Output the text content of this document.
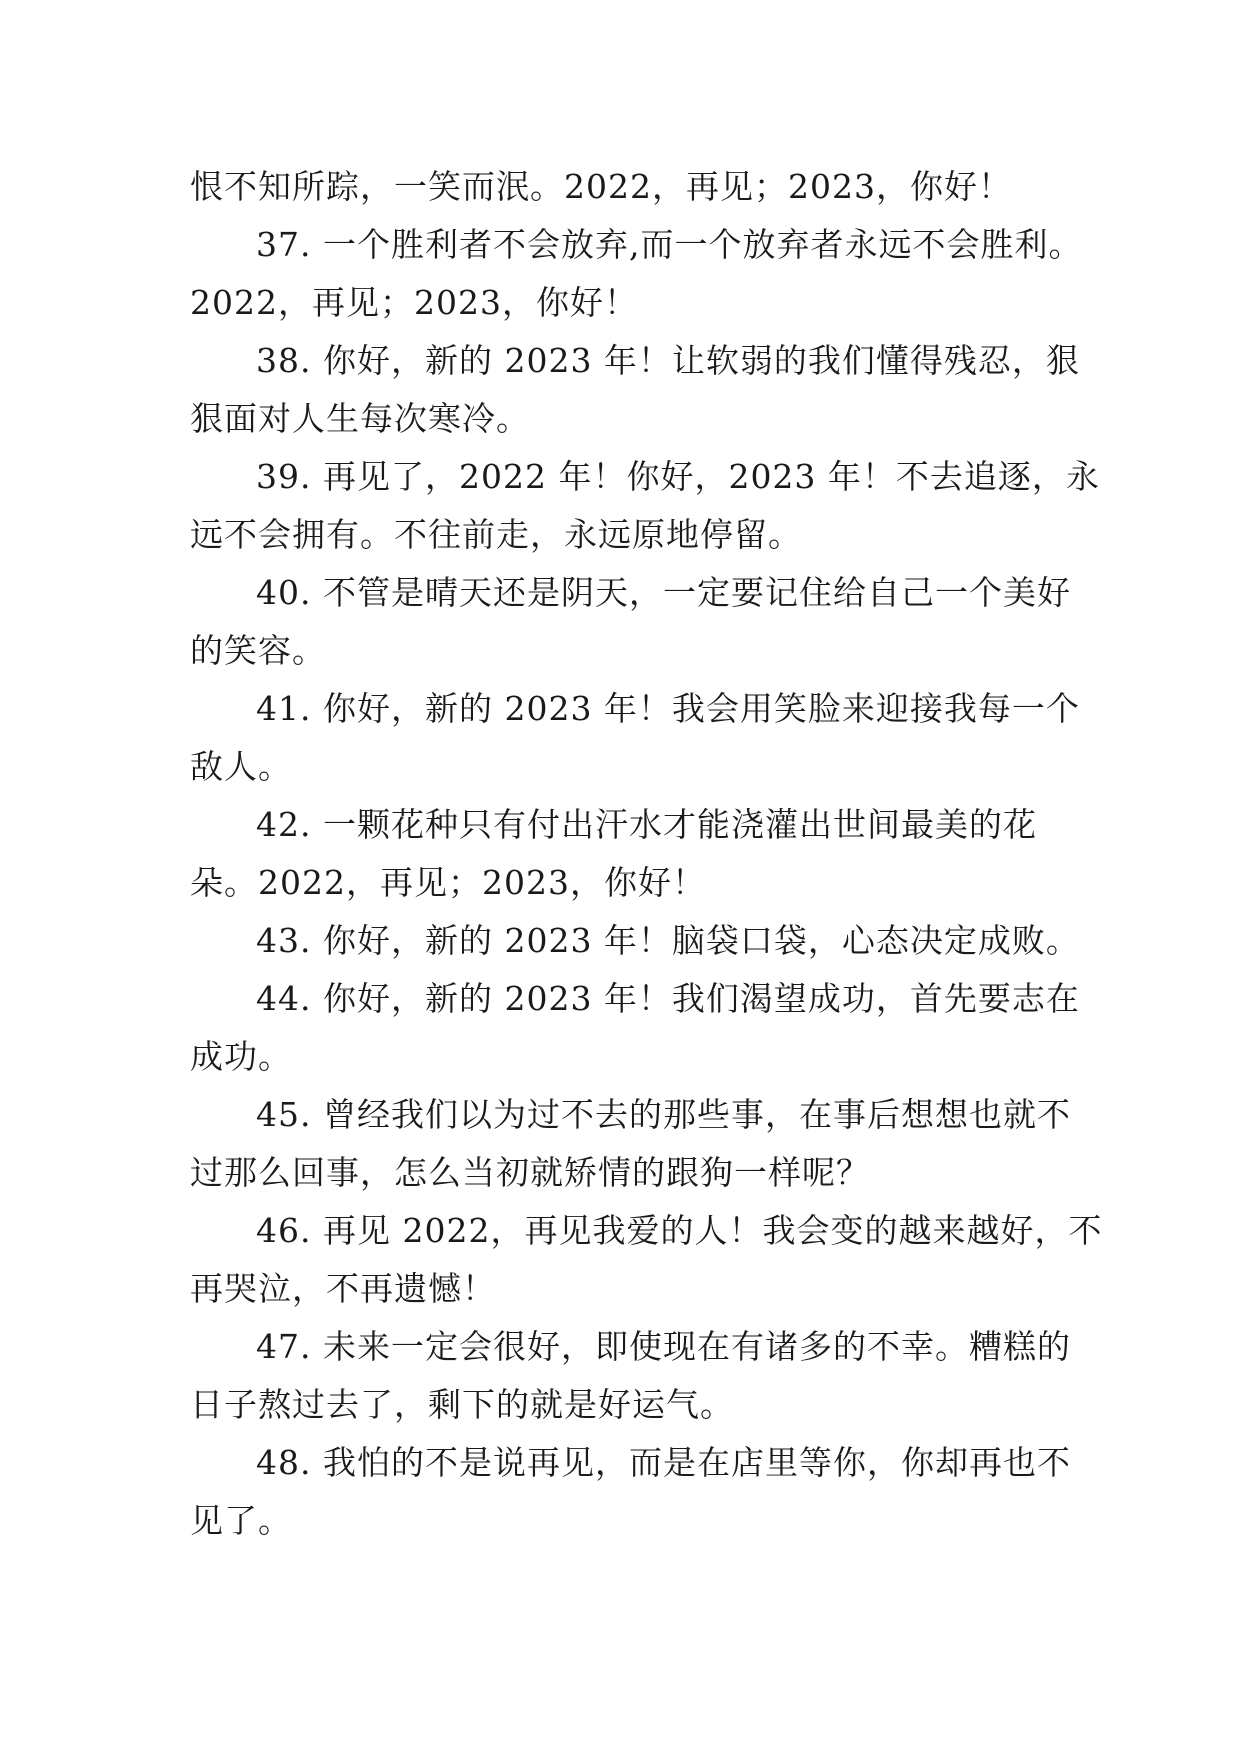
恨不知所踪，一笑而泯。2022，再见；2023，你好！
37. 一个胜利者不会放弃,而一个放弃者永远不会胜利。
2022，再见；2023，你好！
38. 你好，新的 2023 年！让软弱的我们懂得残忍，狠
狠面对人生每次寒冷。
39. 再见了，2022 年！你好，2023 年！不去追逐，永
远不会拥有。不往前走，永远原地停留。
40. 不管是晴天还是阴天，一定要记住给自己一个美好
的笑容。
41. 你好，新的 2023 年！我会用笑脸来迎接我每一个
敌人。
42. 一颗花种只有付出汗水才能浇灌出世间最美的花
朵。2022，再见；2023，你好！
43. 你好，新的 2023 年！脑袋口袋，心态决定成败。
44. 你好，新的 2023 年！我们渴望成功，首先要志在
成功。
45. 曾经我们以为过不去的那些事，在事后想想也就不
过那么回事，怎么当初就矫情的跟狗一样呢？
46. 再见 2022，再见我爱的人！我会变的越来越好，不
再哭泣，不再遗憾！
47. 未来一定会很好，即使现在有诸多的不幸。糟糕的
日子熬过去了，剩下的就是好运气。
48. 我怕的不是说再见，而是在店里等你，你却再也不
见了。
